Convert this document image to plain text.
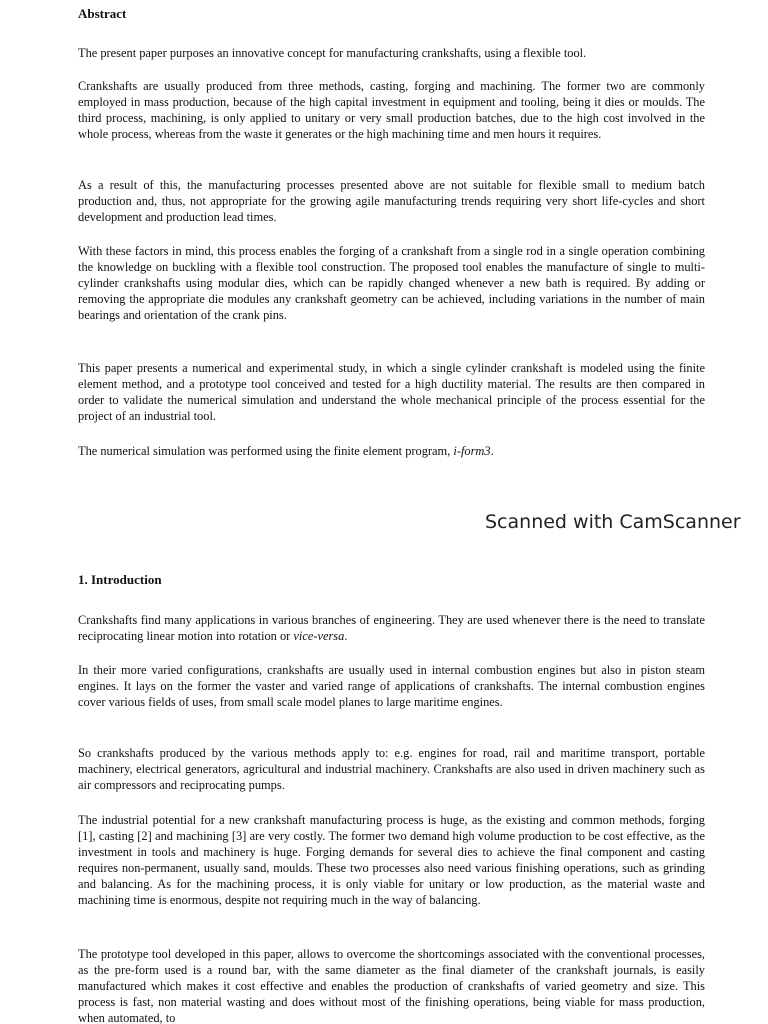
Abstract

The present paper purposes an innovative concept for manufacturing crankshafts, using a flexible tool.

Crankshafts are usually produced from three methods, casting, forging and machining. The former two are commonly employed in mass production, because of the high capital investment in equipment and tooling, being it dies or moulds. The third process, machining, is only applied to unitary or very small production batches, due to the high cost involved in the whole process, whereas from the waste it generates or the high machining time and men hours it requires.

As a result of this, the manufacturing processes presented above are not suitable for flexible small to medium batch production and, thus, not appropriate for the growing agile manufacturing trends requiring very short life-cycles and short development and production lead times.

With these factors in mind, this process enables the forging of a crankshaft from a single rod in a single operation combining the knowledge on buckling with a flexible tool construction. The proposed tool enables the manufacture of single to multi-cylinder crankshafts using modular dies, which can be rapidly changed whenever a new bath is required. By adding or removing the appropriate die modules any crankshaft geometry can be achieved, including variations in the number of main bearings and orientation of the crank pins.

This paper presents a numerical and experimental study, in which a single cylinder crankshaft is modeled using the finite element method, and a prototype tool conceived and tested for a high ductility material. The results are then compared in order to validate the numerical simulation and understand the whole mechanical principle of the process essential for the project of an industrial tool.

The numerical simulation was performed using the finite element program, i-form3.

Scanned with CamScanner
1. Introduction

Crankshafts find many applications in various branches of engineering. They are used whenever there is the need to translate reciprocating linear motion into rotation or vice-versa.

In their more varied configurations, crankshafts are usually used in internal combustion engines but also in piston steam engines. It lays on the former the vaster and varied range of applications of crankshafts. The internal combustion engines cover various fields of uses, from small scale model planes to large maritime engines.

So crankshafts produced by the various methods apply to: e.g. engines for road, rail and maritime transport, portable machinery, electrical generators, agricultural and industrial machinery. Crankshafts are also used in driven machinery such as air compressors and reciprocating pumps.

The industrial potential for a new crankshaft manufacturing process is huge, as the existing and common methods, forging [1], casting [2] and machining [3] are very costly. The former two demand high volume production to be cost effective, as the investment in tools and machinery is huge. Forging demands for several dies to achieve the final component and casting requires non-permanent, usually sand, moulds. These two processes also need various finishing operations, such as grinding and balancing. As for the machining process, it is only viable for unitary or low production, as the material waste and machining time is enormous, despite not requiring much in the way of balancing.

The prototype tool developed in this paper, allows to overcome the shortcomings associated with the conventional processes, as the pre-form used is a round bar, with the same diameter as the final diameter of the crankshaft journals, is easily manufactured which makes it cost effective and enables the production of crankshafts of varied geometry and size. This process is fast, non material wasting and does without most of the finishing operations, being viable for mass production, when automated, to
